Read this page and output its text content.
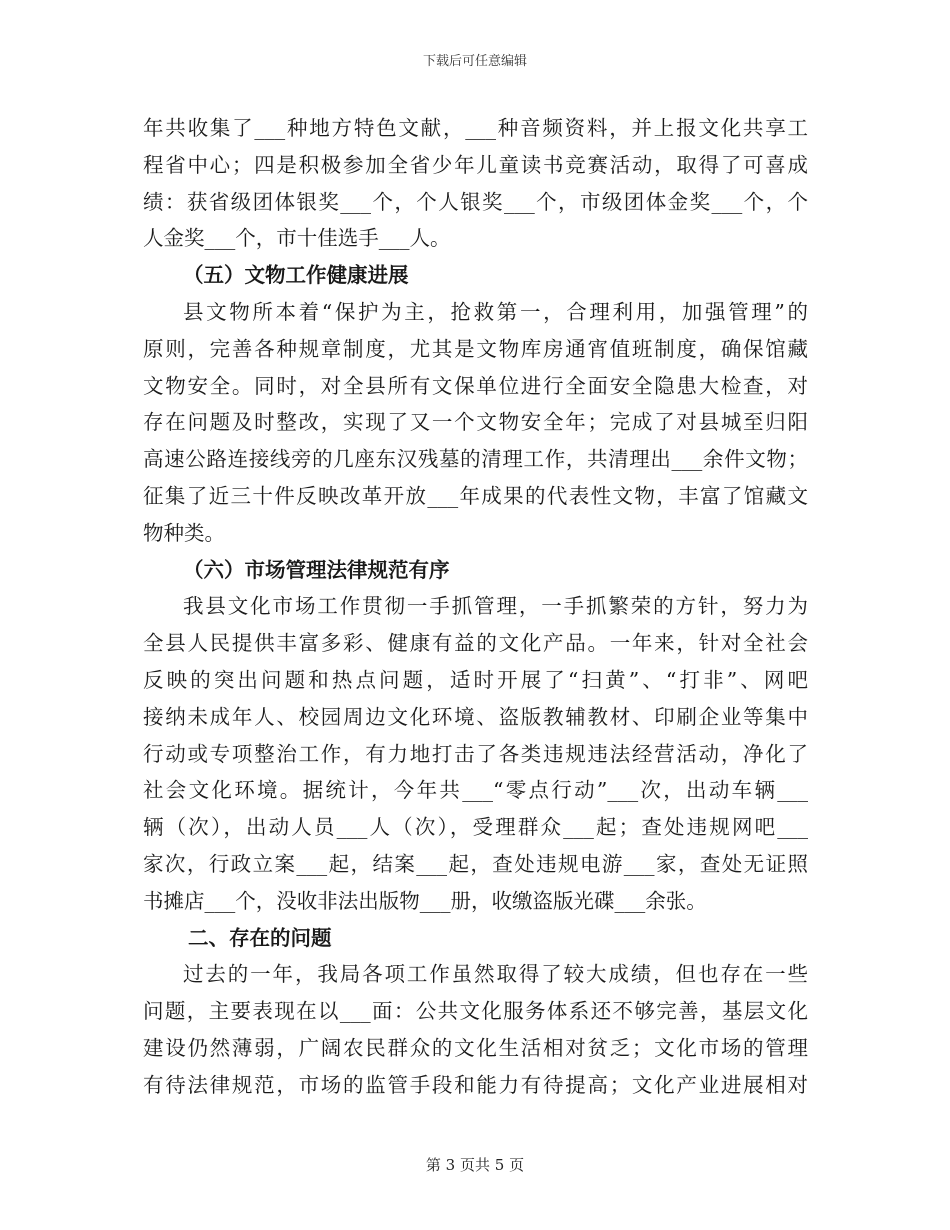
下载后可任意编辑
年共收集了___种地方特色文献，___种音频资料，并上报文化共享工
程省中心；四是积极参加全省少年儿童读书竞赛活动，取得了可喜成
绩：获省级团体银奖___个，个人银奖___个，市级团体金奖___个，个
人金奖___个，市十佳选手___人。
（五）文物工作健康进展
县文物所本着“保护为主，抢救第一，合理利用，加强管理”的
原则，完善各种规章制度，尤其是文物库房通宵值班制度，确保馆藏
文物安全。同时，对全县所有文保单位进行全面安全隐患大检查，对
存在问题及时整改，实现了又一个文物安全年；完成了对县城至归阳
高速公路连接线旁的几座东汉残墓的清理工作，共清理出___余件文物；
征集了近三十件反映改革开放___年成果的代表性文物，丰富了馆藏文
物种类。
（六）市场管理法律规范有序
我县文化市场工作贯彻一手抓管理，一手抓繁荣的方针，努力为
全县人民提供丰富多彩、健康有益的文化产品。一年来，针对全社会
反映的突出问题和热点问题，适时开展了“扫黄”、“打非”、网吧
接纳未成年人、校园周边文化环境、盗版教辅教材、印刷企业等集中
行动或专项整治工作，有力地打击了各类违规违法经营活动，净化了
社会文化环境。据统计，今年共___“零点行动”___次，出动车辆___
辆（次），出动人员___人（次），受理群众___起；查处违规网吧___
家次，行政立案___起，结案___起，查处违规电游___家，查处无证照
书摊店___个，没收非法出版物___册，收缴盗版光碟___余张。
二、存在的问题
过去的一年，我局各项工作虽然取得了较大成绩，但也存在一些
问题，主要表现在以___面：公共文化服务体系还不够完善，基层文化
建设仍然薄弱，广阔农民群众的文化生活相对贫乏；文化市场的管理
有待法律规范，市场的监管手段和能力有待提高；文化产业进展相对
第 3 页共 5 页
